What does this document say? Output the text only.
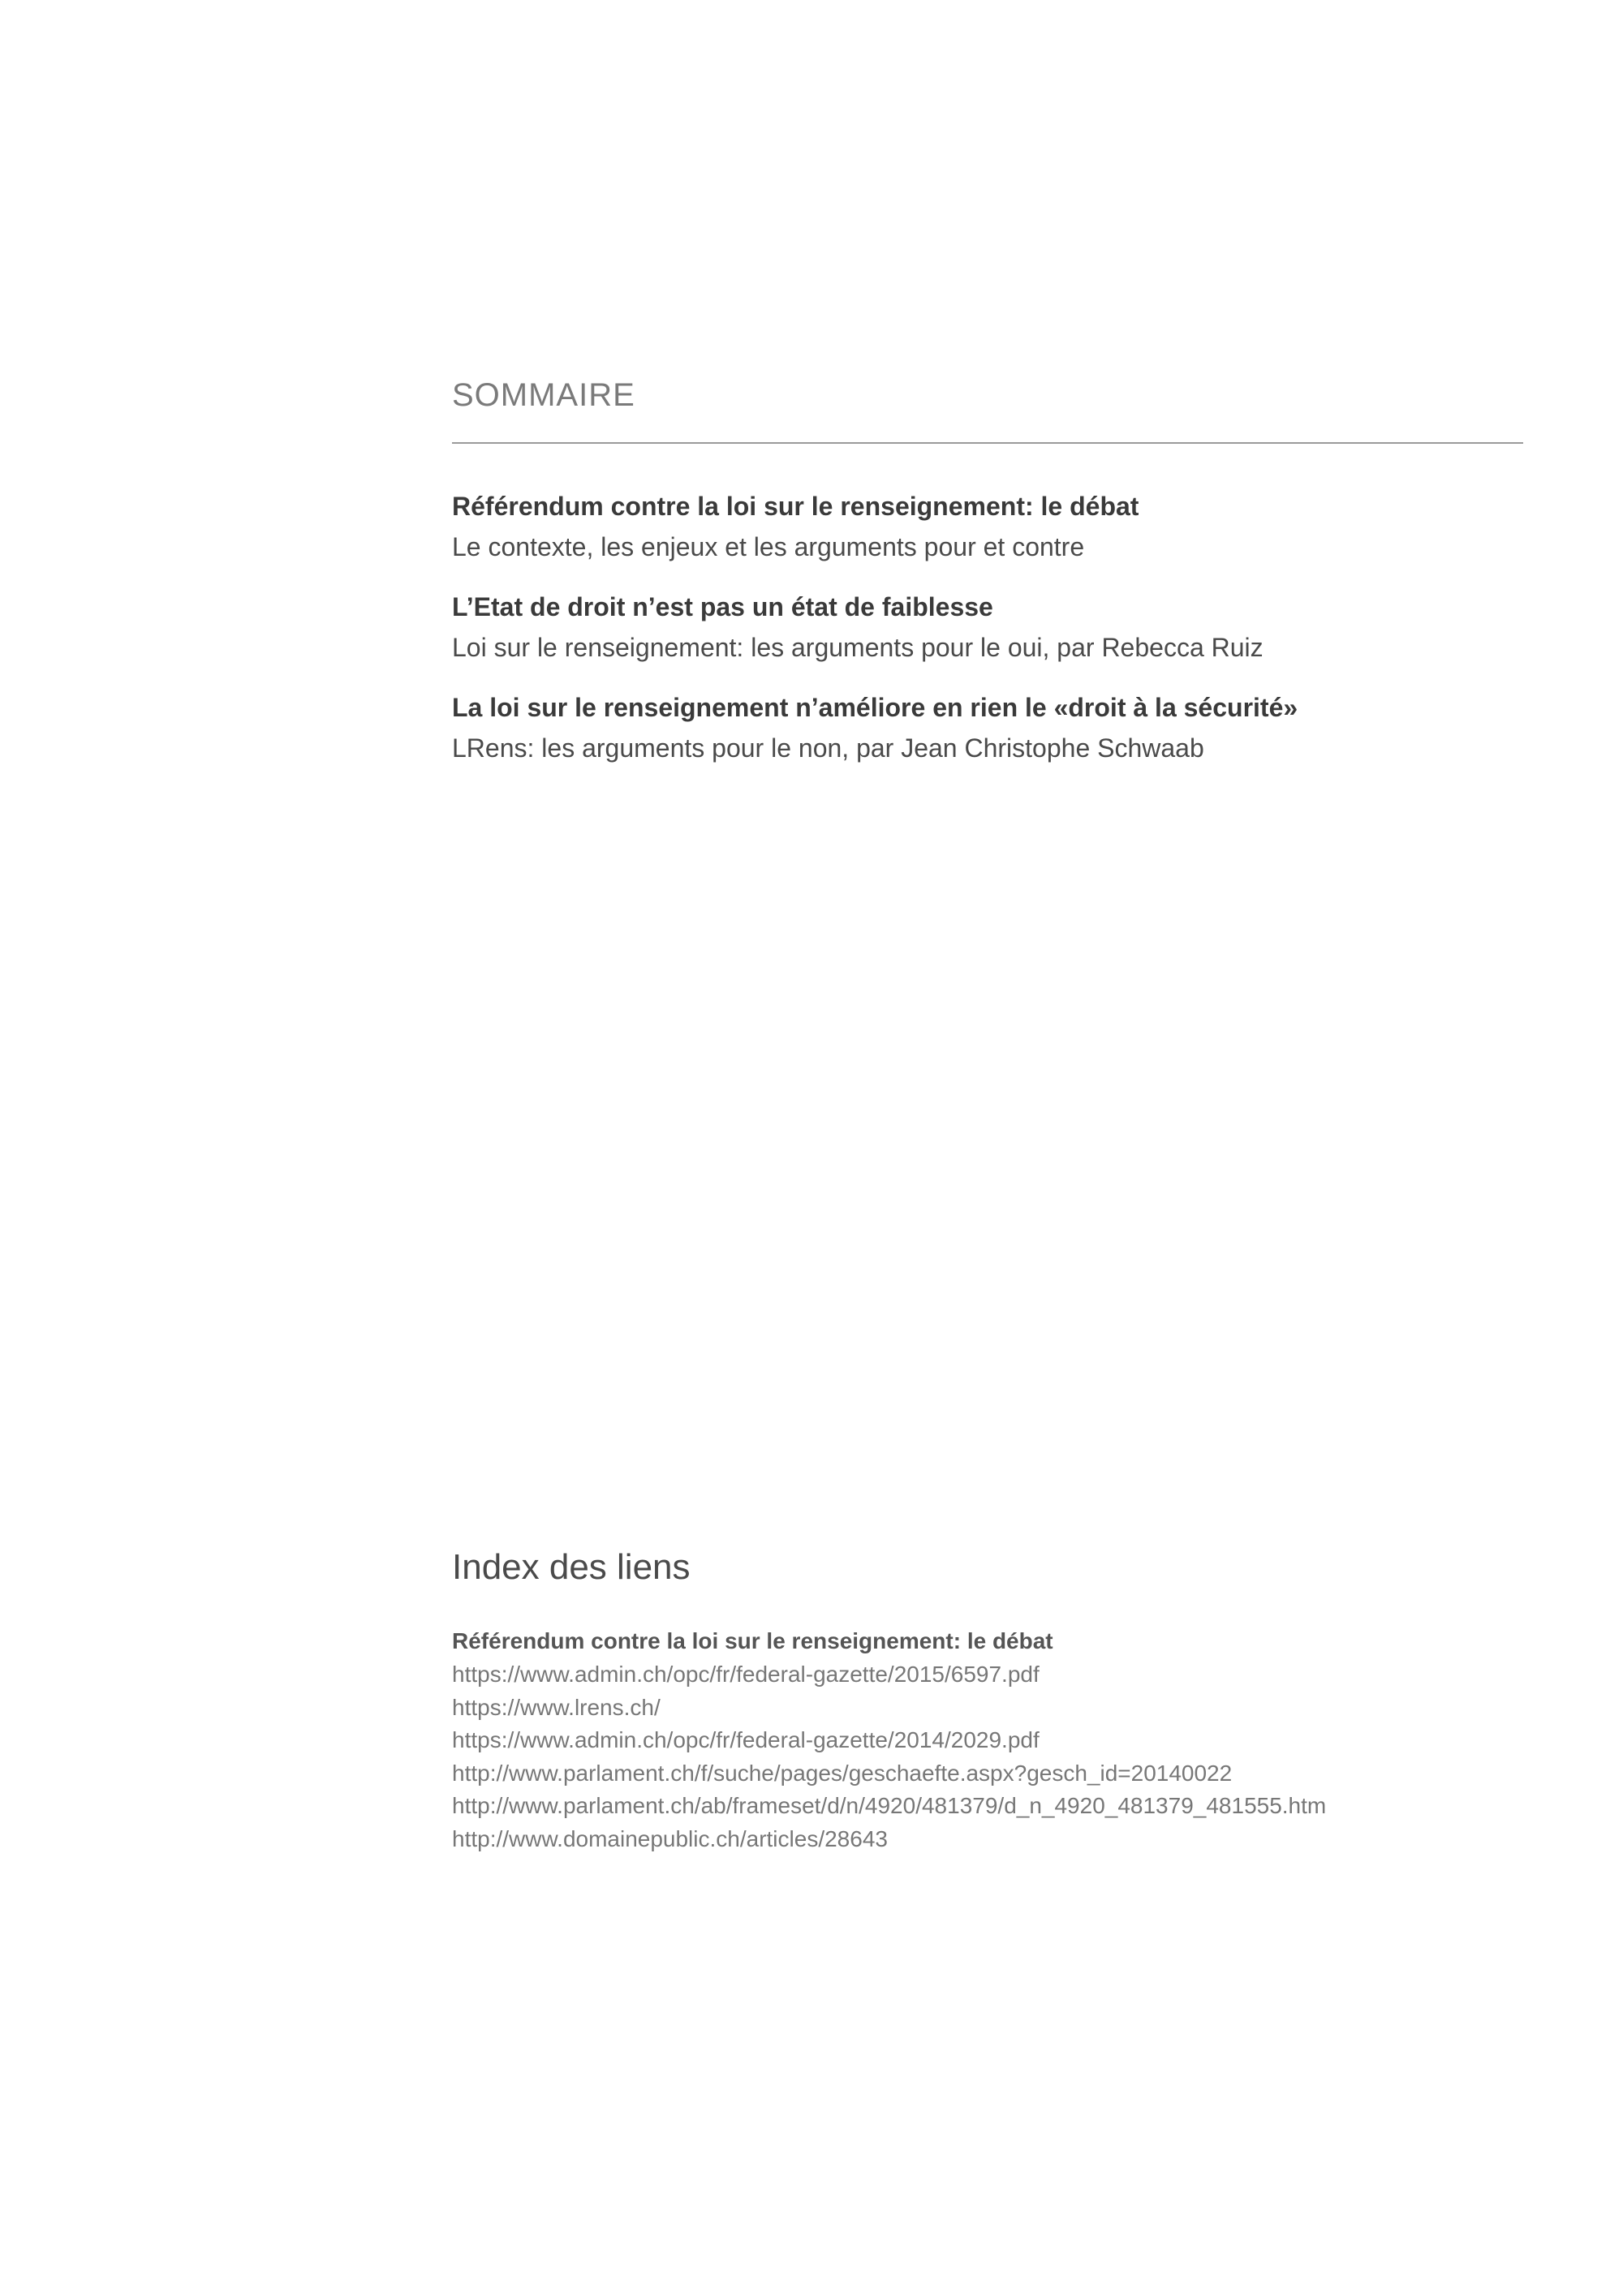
SOMMAIRE
Référendum contre la loi sur le renseignement: le débat
Le contexte, les enjeux et les arguments pour et contre
L’Etat de droit n’est pas un état de faiblesse
Loi sur le renseignement: les arguments pour le oui, par Rebecca Ruiz
La loi sur le renseignement n’améliore en rien le «droit à la sécurité»
LRens: les arguments pour le non, par Jean Christophe Schwaab
Index des liens
Référendum contre la loi sur le renseignement: le débat
https://www.admin.ch/opc/fr/federal-gazette/2015/6597.pdf
https://www.lrens.ch/
https://www.admin.ch/opc/fr/federal-gazette/2014/2029.pdf
http://www.parlament.ch/f/suche/pages/geschaefte.aspx?gesch_id=20140022
http://www.parlament.ch/ab/frameset/d/n/4920/481379/d_n_4920_481379_481555.htm
http://www.domainepublic.ch/articles/28643
